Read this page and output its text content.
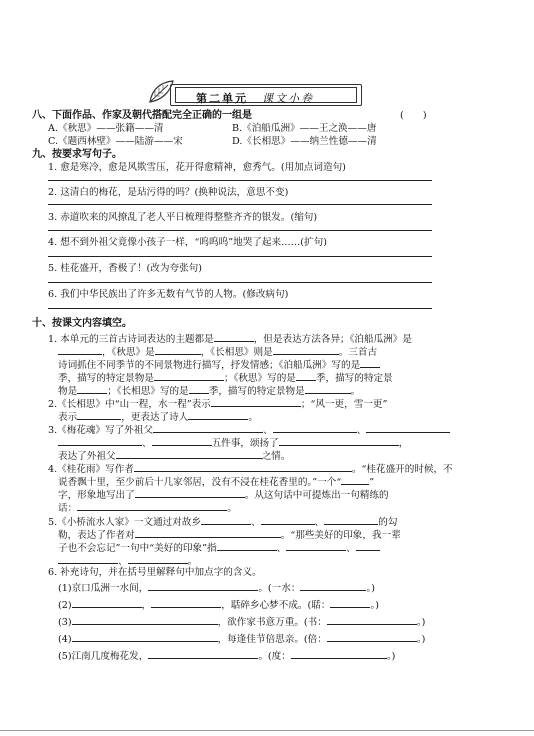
第二单元 课文小卷
八、下面作品、作家及朝代搭配完全正确的一组是	(　　)
A.《秋思》——张籍——清	B.《泊船瓜洲》——王之涣——唐
C.《题西林壁》——陆游——宋	D.《长相思》——纳兰性德——清
九、按要求写句子。
1. 愈是寒冷，愈是风欺雪压，花开得愈精神，愈秀气。(用加点词造句)
2. 这清白的梅花，是玷污得的吗？(换种说法，意思不变)
3. 赤道吹来的风撩乱了老人平日梳理得整整齐齐的银发。(缩句)
4. 想不到外祖父竟像小孩子一样，“呜呜呜”地哭了起来……(扩句)
5. 桂花盛开，香极了！(改为夸张句)
6. 我们中华民族出了许多无数有气节的人物。(修改病句)
十、按课文内容填空。
1. 本单元的三首古诗词表达的主题都是	，但是表达方法各异；《泊船瓜洲》是
，《秋思》是	，《长相思》则是	。三首古
诗词抓住不同季节的不同景物进行描写，抒发情感；《泊船瓜洲》写的是
季，描写的特定景物是	；《秋思》写的是 季，描写的特定景
物是	；《长相思》写的是 季，描写的特定景物是	。
2.《长相思》中“山一程，水一程”表示	；“风一更，雪一更”
表示	，更表达了诗人	。
3.《梅花魂》写了外祖父	、	、
、	五件事，颂扬了	，
表达了外祖父	之情。
4.《桂花雨》写作者	。“桂花盛开的时候，不
说香飘十里，至少前后十几家邻居，没有不浸在桂花香里的。”一个“	”
字，形象地写出了	。从这句话中可提炼出一句精练的
话：	。
5.《小桥流水人家》一文通过对故乡	、	、	的勾
勒，表达了作者对	。“那些美好的印象，我一辈
子也不会忘记”一句中“美好的印象”指	、	、
、	。
6. 补充诗句，并在括号里解释句中加点字的含义。
(1)京口瓜洲一水间，	。(一水：	。)
(2)	，	，聒碎乡心梦不成。(聒：	。)
(3)	，欲作家书意万重。(书：	。)
(4)	，每逢佳节倍思亲。(倍：	。)
(5)江南几度梅花发，	。(度：	。)
